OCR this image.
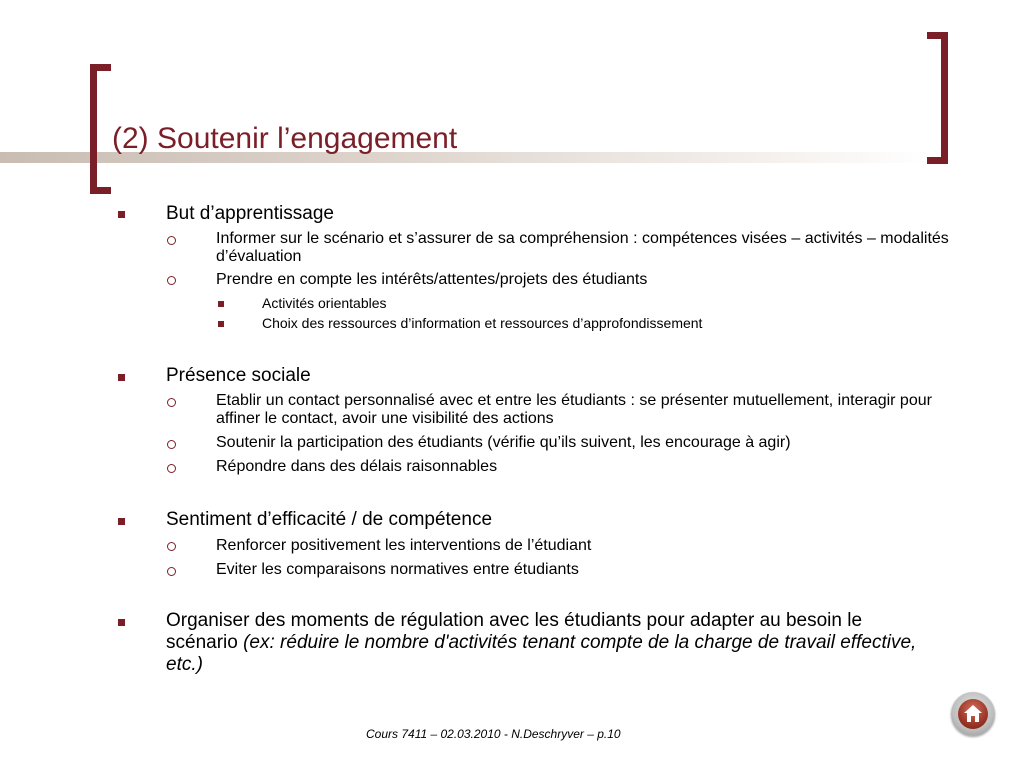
(2) Soutenir l’engagement
But d’apprentissage
Informer sur le scénario et s’assurer de sa compréhension : compétences visées – activités – modalités d’évaluation
Prendre en compte les intérêts/attentes/projets des étudiants
Activités orientables
Choix des ressources d’information et ressources d’approfondissement
Présence sociale
Etablir un contact personnalisé avec et entre les étudiants : se présenter mutuellement, interagir pour affiner le contact, avoir une visibilité des actions
Soutenir la participation des étudiants (vérifie qu’ils suivent, les encourage à agir)
Répondre dans des délais raisonnables
Sentiment d’efficacité / de compétence
Renforcer positivement les interventions de l’étudiant
Eviter les comparaisons normatives entre étudiants
Organiser des moments de régulation avec les étudiants pour adapter au besoin le scénario (ex: réduire le nombre d'activités tenant compte de la charge de travail effective, etc.)
Cours 7411 – 02.03.2010 - N.Deschryver – p.10
